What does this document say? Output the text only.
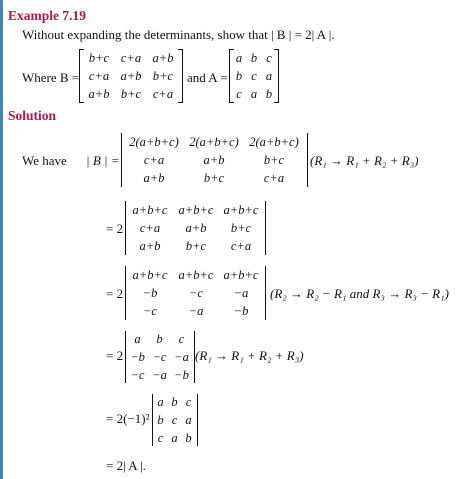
Example 7.19
Without expanding the determinants, show that | B | = 2| A |.
Where B =
b+c c+a a+b
c+a a+b b+c
a+b b+c c+a
and A =
a b c
b c a
c a b
Solution
We have | B | =
2(a+b+c) 2(a+b+c) 2(a+b+c)
c+a	a+b	b+c
a+b	b+c	c+a
(R₁ → R₁ + R₂ + R₃)
= 2
a+b+c a+b+c a+b+c
c+a	a+b	b+c
a+b	b+c	c+a
= 2
a+b+c a+b+c a+b+c
−b	−c	−a
−c	−a	−b
(R₂ → R₂ − R₁ and R₃ → R₃ − R₁)
= 2
a	b	c
−b −c −a
−c −a −b
(R₁ → R₁ + R₂ + R₃)
= 2(−1)²
a b c
b c a
c a b
= 2| A |.
